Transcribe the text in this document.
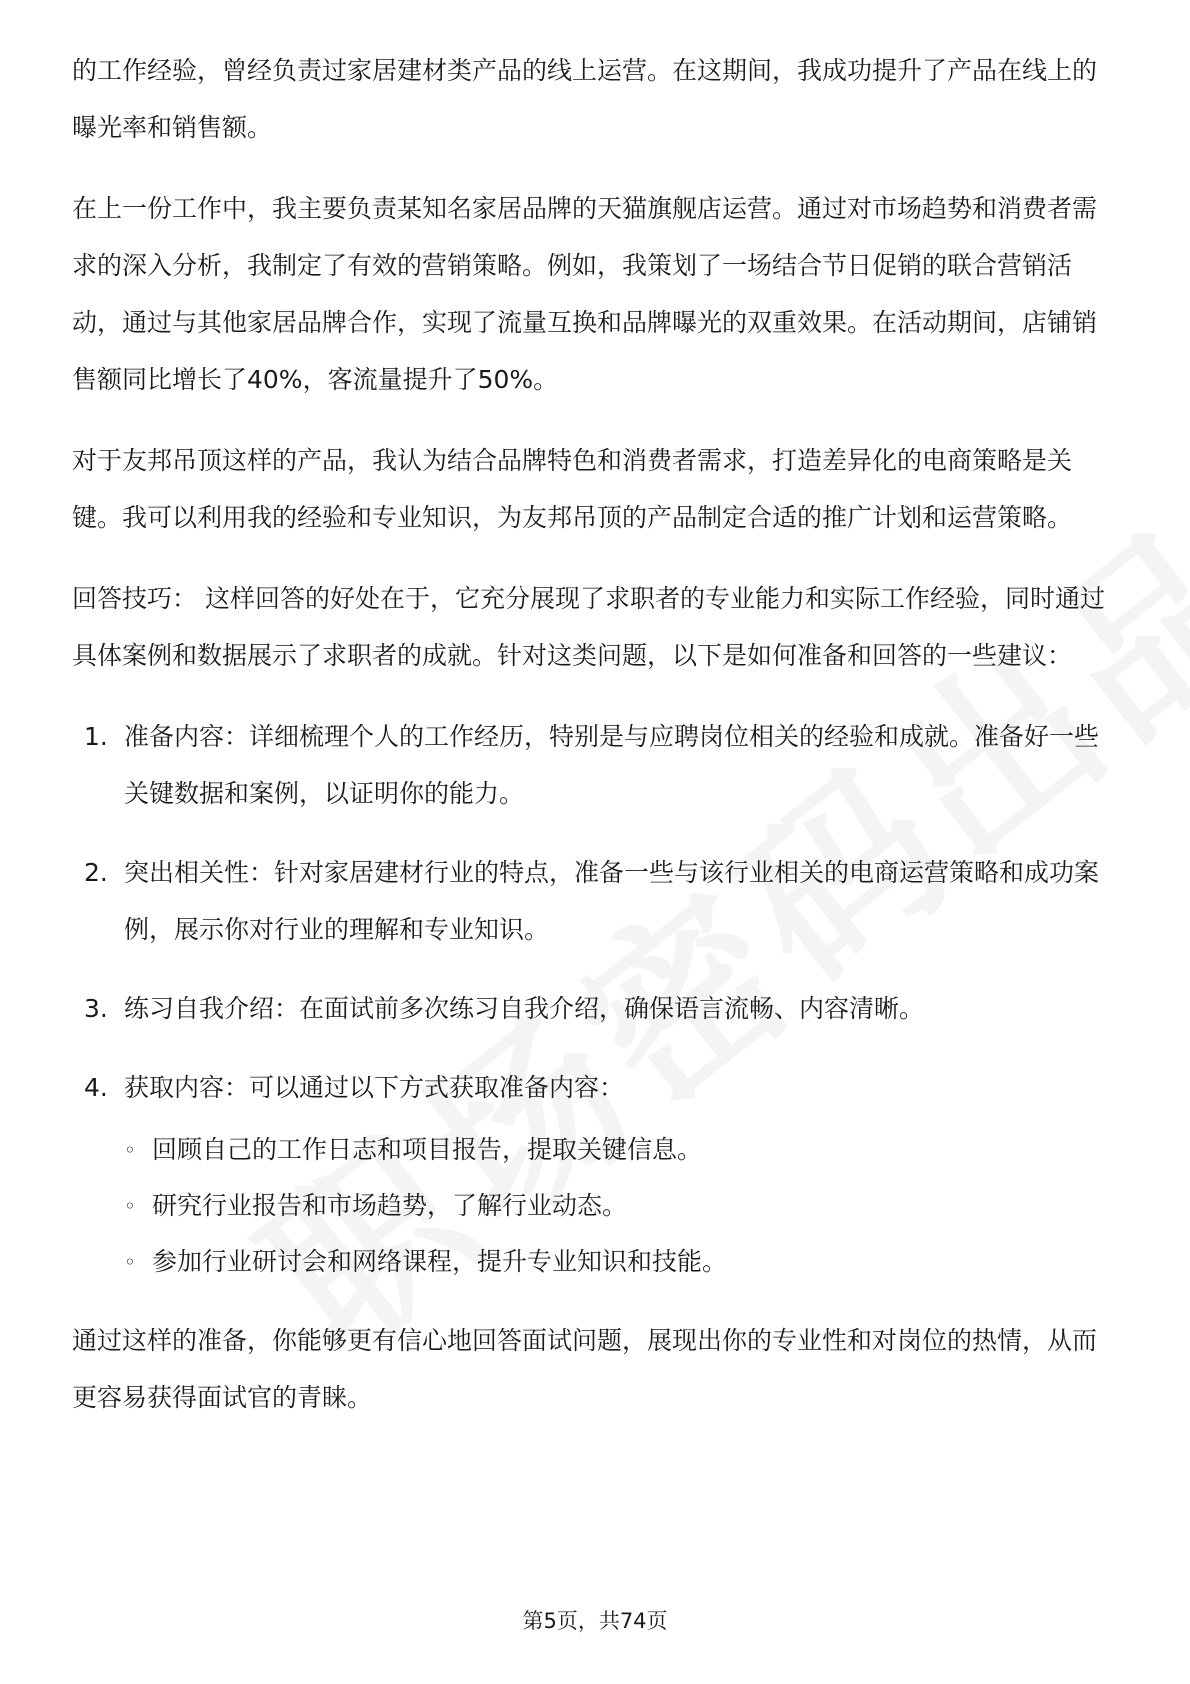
的工作经验，曾经负责过家居建材类产品的线上运营。在这期间，我成功提升了产品在线上的曝光率和销售额。

在上一份工作中，我主要负责某知名家居品牌的天猫旗舰店运营。通过对市场趋势和消费者需求的深入分析，我制定了有效的营销策略。例如，我策划了一场结合节日促销的联合营销活动，通过与其他家居品牌合作，实现了流量互换和品牌曝光的双重效果。在活动期间，店铺销售额同比增长了40%，客流量提升了50%。

对于友邦吊顶这样的产品，我认为结合品牌特色和消费者需求，打造差异化的电商策略是关键。我可以利用我的经验和专业知识，为友邦吊顶的产品制定合适的推广计划和运营策略。

回答技巧： 这样回答的好处在于，它充分展现了求职者的专业能力和实际工作经验，同时通过具体案例和数据展示了求职者的成就。针对这类问题，以下是如何准备和回答的一些建议：

1. 准备内容：详细梳理个人的工作经历，特别是与应聘岗位相关的经验和成就。准备好一些关键数据和案例，以证明你的能力。
2. 突出相关性：针对家居建材行业的特点，准备一些与该行业相关的电商运营策略和成功案例，展示你对行业的理解和专业知识。
3. 练习自我介绍：在面试前多次练习自我介绍，确保语言流畅、内容清晰。
4. 获取内容：可以通过以下方式获取准备内容：
◦ 回顾自己的工作日志和项目报告，提取关键信息。
◦ 研究行业报告和市场趋势，了解行业动态。
◦ 参加行业研讨会和网络课程，提升专业知识和技能。

通过这样的准备，你能够更有信心地回答面试问题，展现出你的专业性和对岗位的热情，从而更容易获得面试官的青睐。

第5页，共74页
